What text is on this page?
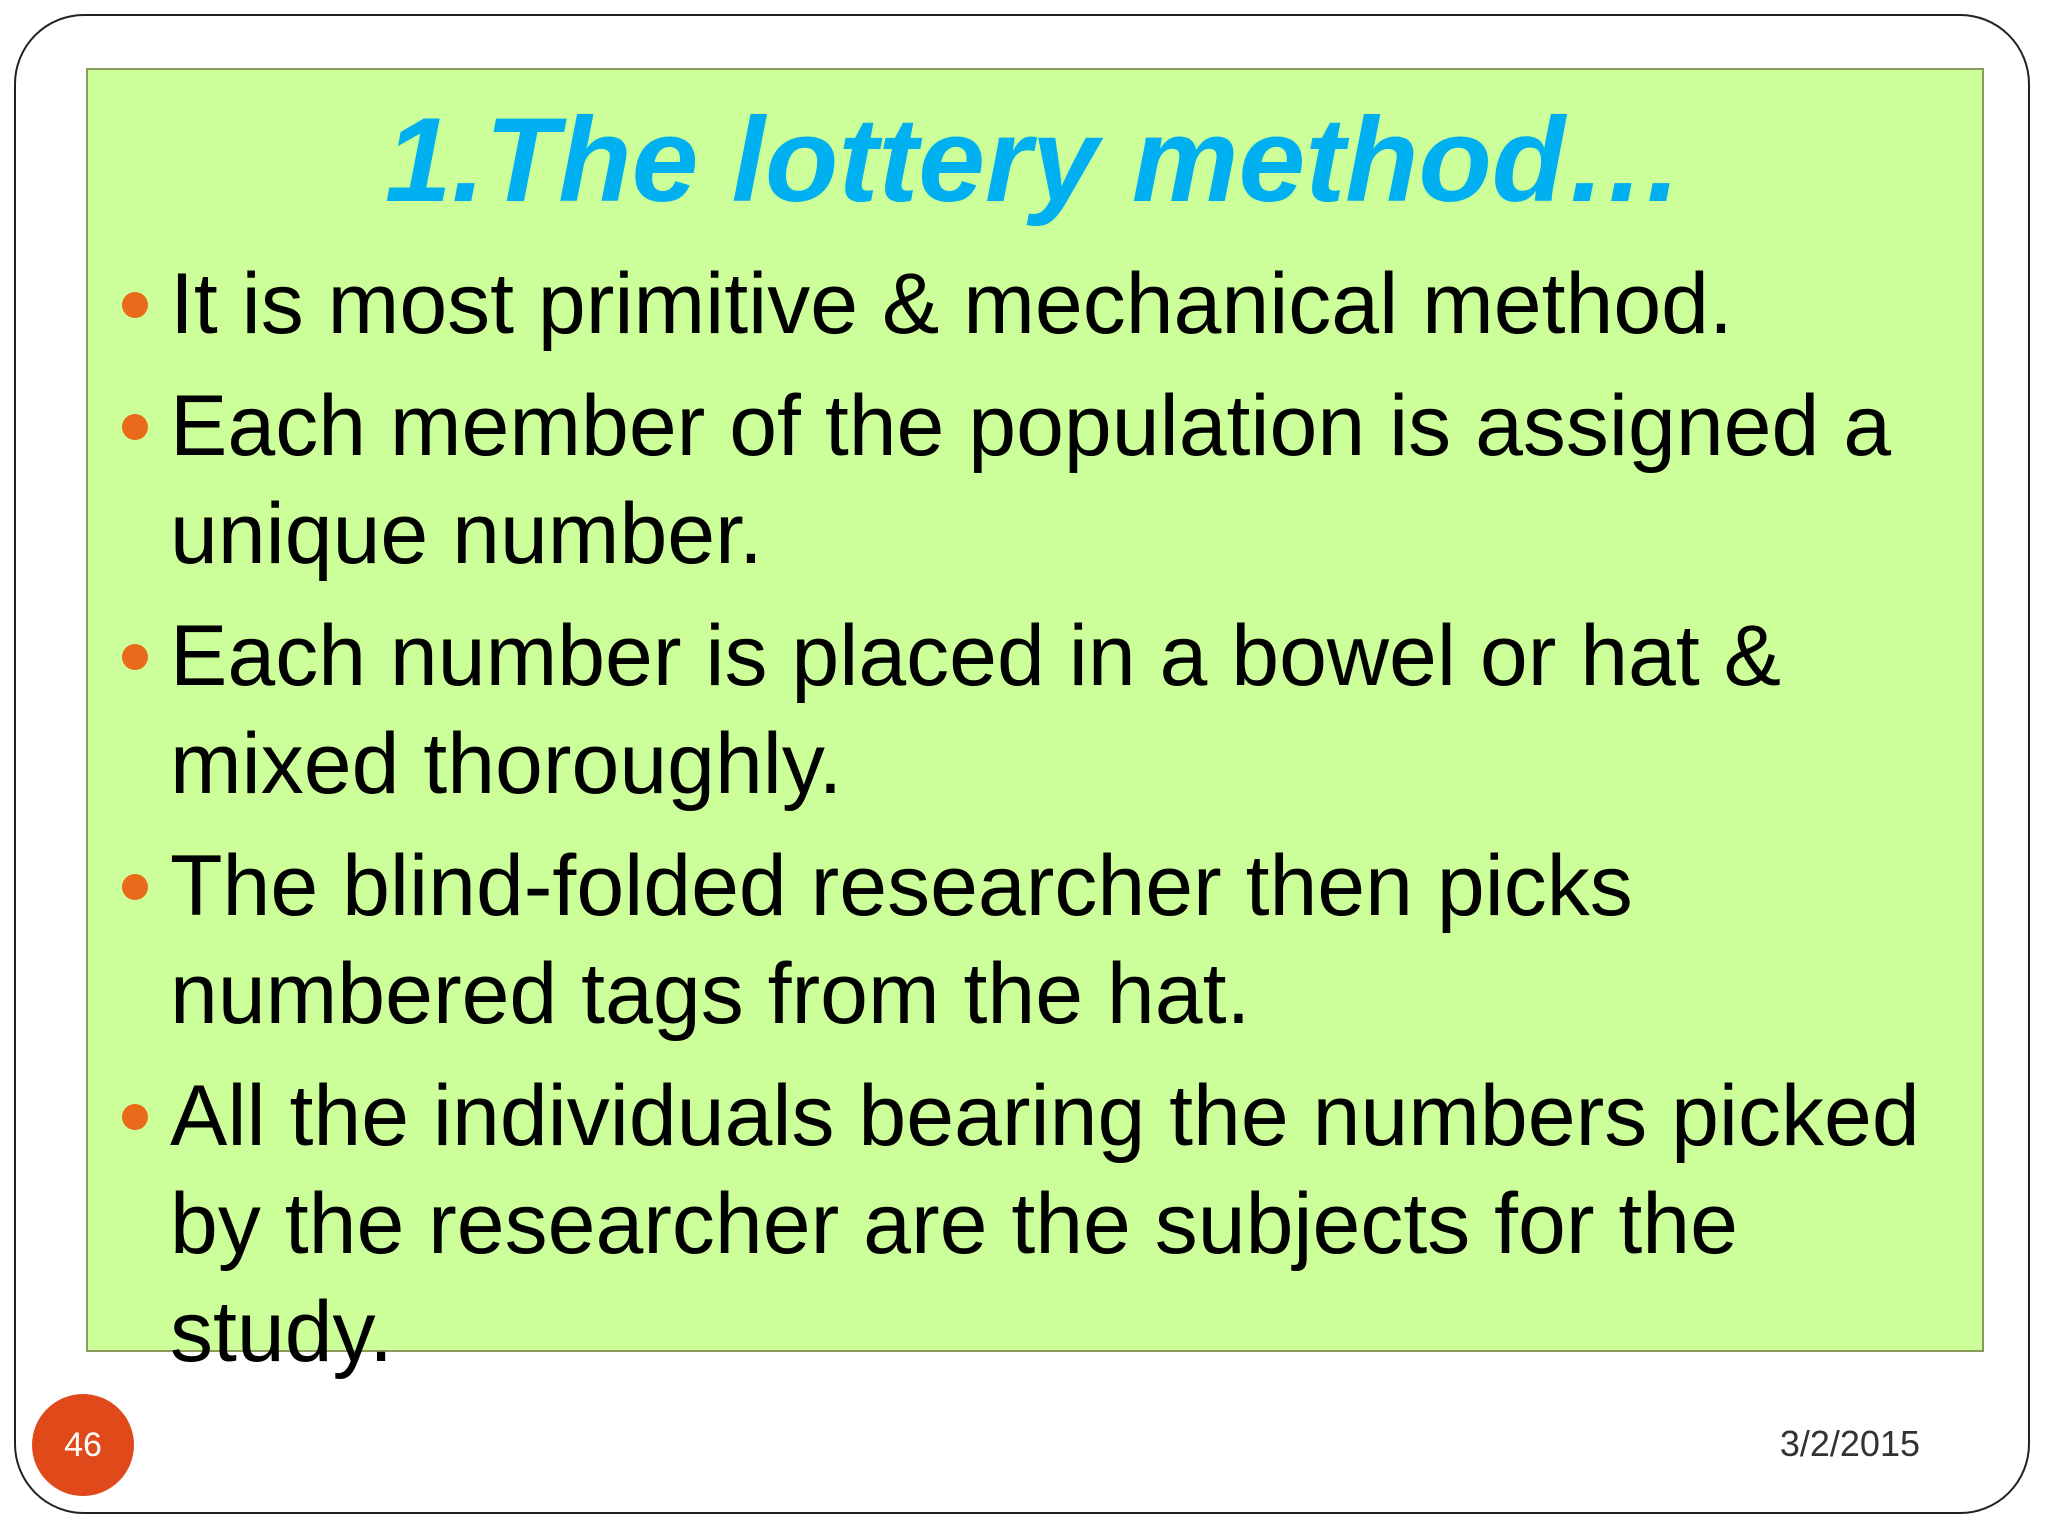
1.The lottery method…
It is most primitive & mechanical method.
Each member of the population is assigned a unique number.
Each number is placed in a bowel or hat & mixed thoroughly.
The blind-folded researcher then picks numbered tags from the hat.
All the individuals bearing the numbers picked by the researcher are the subjects for the study.
46	3/2/2015
